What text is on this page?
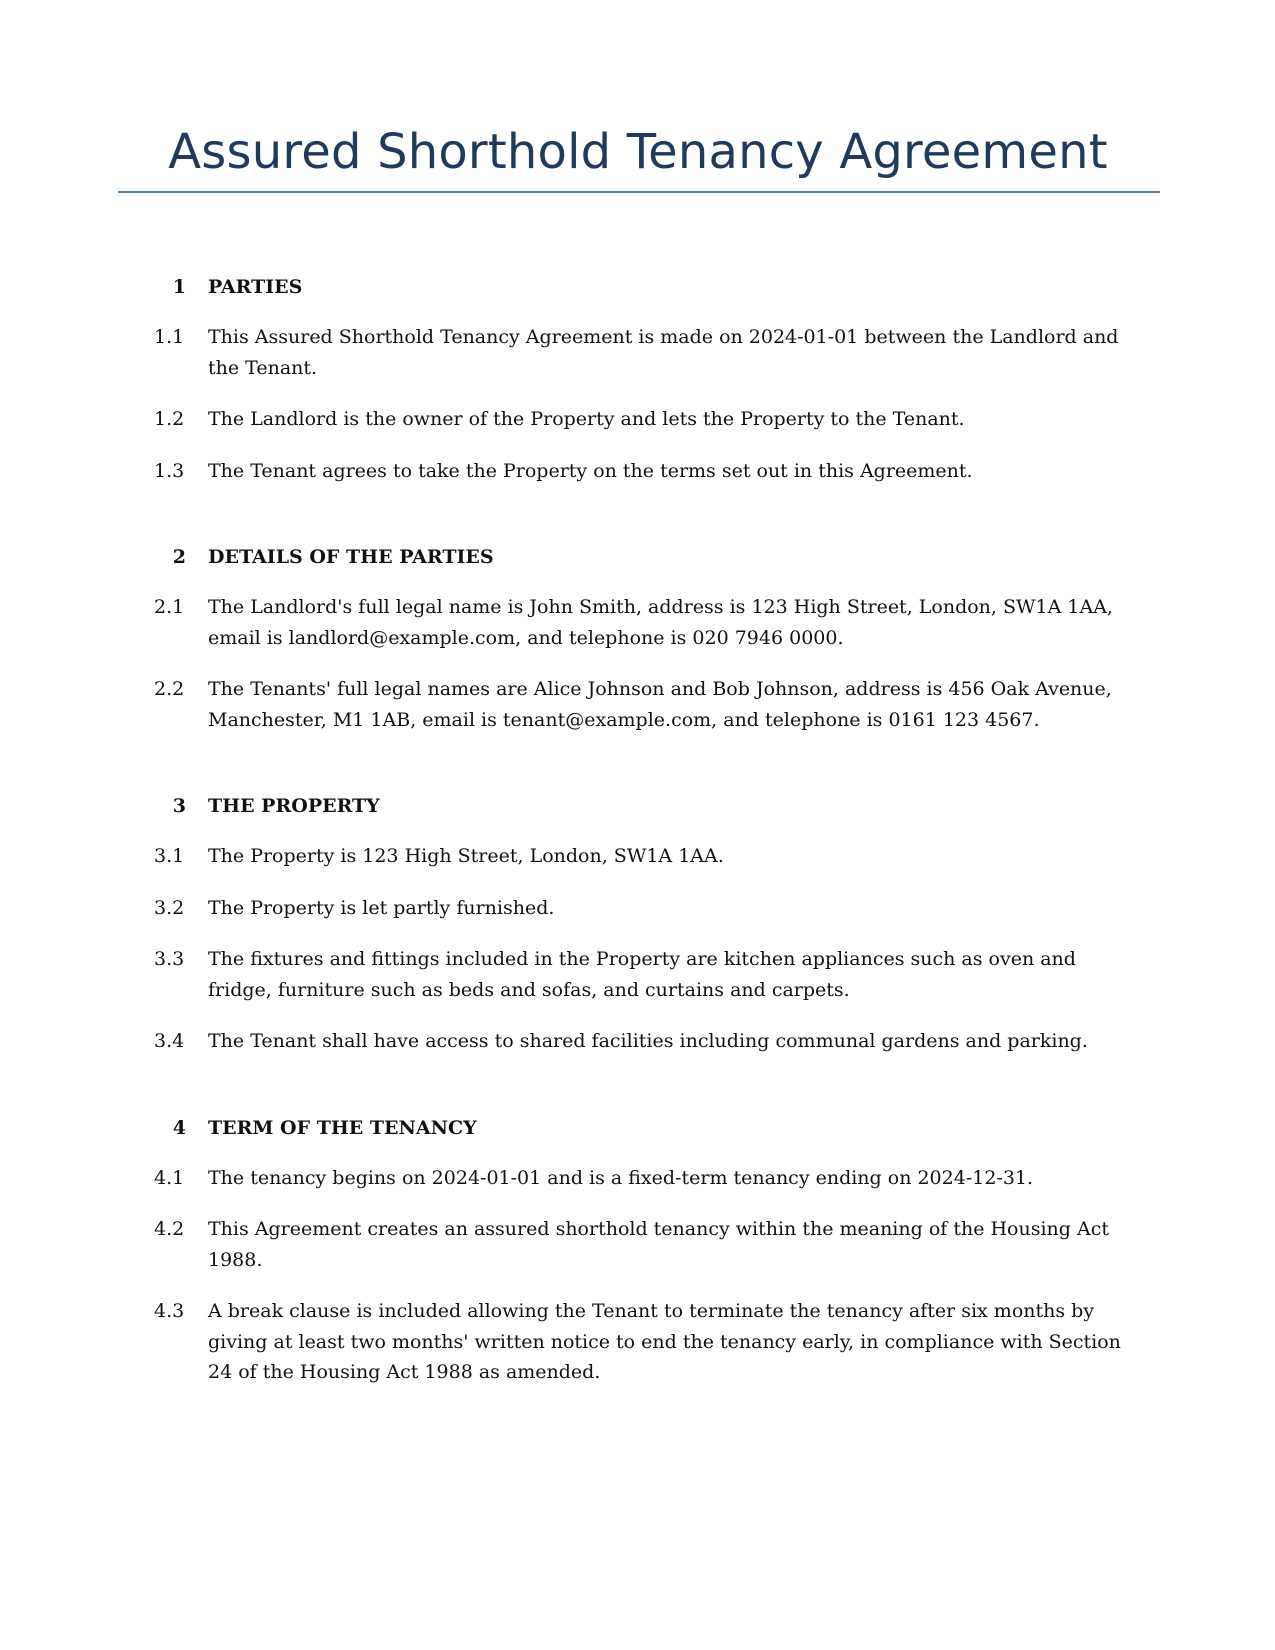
Assured Shorthold Tenancy Agreement
1	PARTIES
1.1	This Assured Shorthold Tenancy Agreement is made on 2024-01-01 between the Landlord and the Tenant.
1.2	The Landlord is the owner of the Property and lets the Property to the Tenant.
1.3	The Tenant agrees to take the Property on the terms set out in this Agreement.
2	DETAILS OF THE PARTIES
2.1	The Landlord's full legal name is John Smith, address is 123 High Street, London, SW1A 1AA, email is landlord@example.com, and telephone is 020 7946 0000.
2.2	The Tenants' full legal names are Alice Johnson and Bob Johnson, address is 456 Oak Avenue, Manchester, M1 1AB, email is tenant@example.com, and telephone is 0161 123 4567.
3	THE PROPERTY
3.1	The Property is 123 High Street, London, SW1A 1AA.
3.2	The Property is let partly furnished.
3.3	The fixtures and fittings included in the Property are kitchen appliances such as oven and fridge, furniture such as beds and sofas, and curtains and carpets.
3.4	The Tenant shall have access to shared facilities including communal gardens and parking.
4	TERM OF THE TENANCY
4.1	The tenancy begins on 2024-01-01 and is a fixed-term tenancy ending on 2024-12-31.
4.2	This Agreement creates an assured shorthold tenancy within the meaning of the Housing Act 1988.
4.3	A break clause is included allowing the Tenant to terminate the tenancy after six months by giving at least two months' written notice to end the tenancy early, in compliance with Section 24 of the Housing Act 1988 as amended.
